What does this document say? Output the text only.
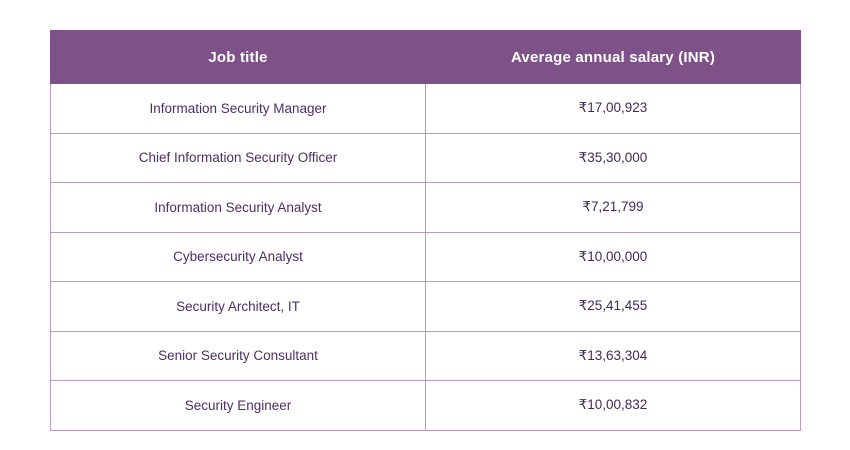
Job title	Average annual salary (INR)
Information Security Manager	₹17,00,923
Chief Information Security Officer	₹35,30,000
Information Security Analyst	₹7,21,799
Cybersecurity Analyst	₹10,00,000
Security Architect, IT	₹25,41,455
Senior Security Consultant	₹13,63,304
Security Engineer	₹10,00,832
